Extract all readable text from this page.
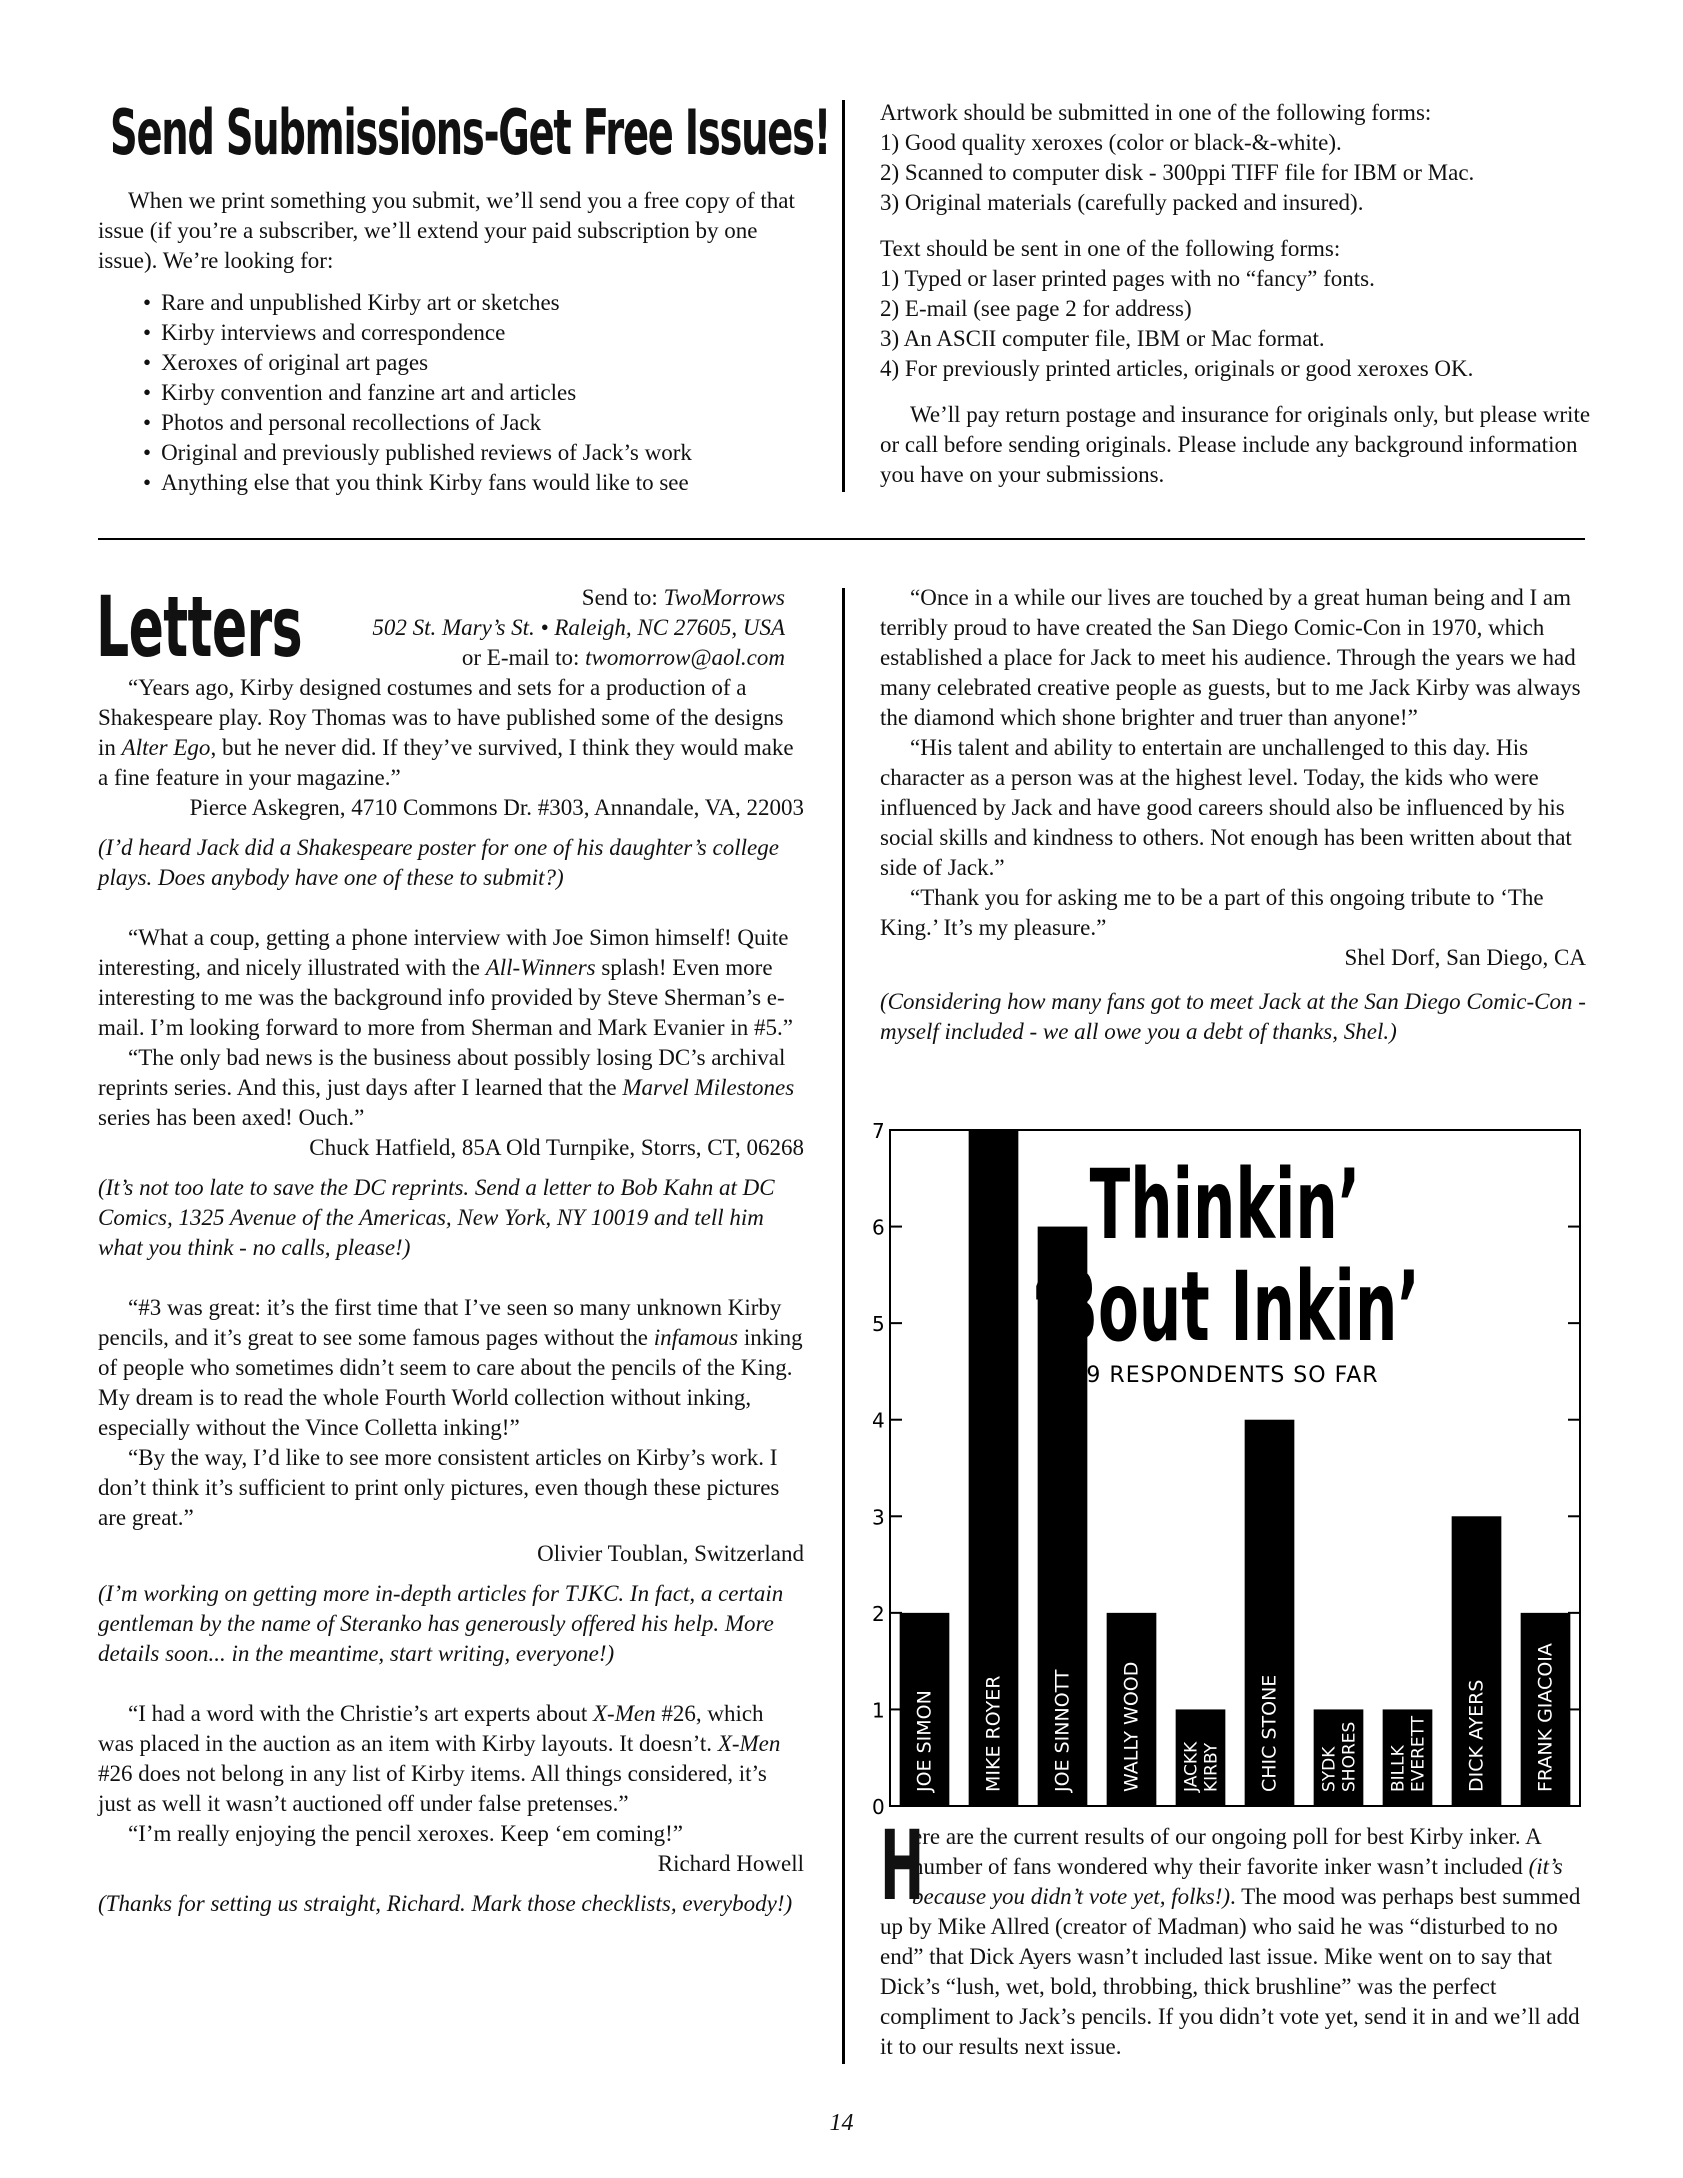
Send Submissions-Get Free Issues!

When we print something you submit, we’ll send you a free copy of that issue (if you’re a subscriber, we’ll extend your paid subscription by one issue). We’re looking for:

• Rare and unpublished Kirby art or sketches
• Kirby interviews and correspondence
• Xeroxes of original art pages
• Kirby convention and fanzine art and articles
• Photos and personal recollections of Jack
• Original and previously published reviews of Jack’s work
• Anything else that you think Kirby fans would like to see

Artwork should be submitted in one of the following forms:

1) Good quality xeroxes (color or black-&-white).
2) Scanned to computer disk - 300ppi TIFF file for IBM or Mac.
3) Original materials (carefully packed and insured).

Text should be sent in one of the following forms:

1) Typed or laser printed pages with no “fancy” fonts.
2) E-mail (see page 2 for address)
3) An ASCII computer file, IBM or Mac format.
4) For previously printed articles, originals or good xeroxes OK.

We’ll pay return postage and insurance for originals only, but please write or call before sending originals. Please include any background information you have on your submissions.

Letters	Send to: TwoMorrows
502 St. Mary’s St. • Raleigh, NC 27605, USA
or E-mail to: twomorrow@aol.com

“Years ago, Kirby designed costumes and sets for a production of a Shakespeare play. Roy Thomas was to have published some of the designs in Alter Ego, but he never did. If they’ve survived, I think they would make a fine feature in your magazine.”

Pierce Askegren, 4710 Commons Dr. #303, Annandale, VA, 22003

(I’d heard Jack did a Shakespeare poster for one of his daughter’s college plays. Does anybody have one of these to submit?)

“What a coup, getting a phone interview with Joe Simon himself! Quite interesting, and nicely illustrated with the All-Winners splash! Even more interesting to me was the background info provided by Steve Sherman’s e-mail. I’m looking forward to more from Sherman and Mark Evanier in #5.”

“The only bad news is the business about possibly losing DC’s archival reprints series. And this, just days after I learned that the Marvel Milestones series has been axed! Ouch.”

Chuck Hatfield, 85A Old Turnpike, Storrs, CT, 06268

(It’s not too late to save the DC reprints. Send a letter to Bob Kahn at DC Comics, 1325 Avenue of the Americas, New York, NY 10019 and tell him what you think - no calls, please!)

“#3 was great: it’s the first time that I’ve seen so many unknown Kirby pencils, and it’s great to see some famous pages without the infamous inking of people who sometimes didn’t seem to care about the pencils of the King. My dream is to read the whole Fourth World collection without inking, especially without the Vince Colletta inking!”

“By the way, I’d like to see more consistent articles on Kirby’s work. I don’t think it’s sufficient to print only pictures, even though these pictures are great.”

Olivier Toublan, Switzerland

(I’m working on getting more in-depth articles for TJKC. In fact, a certain gentleman by the name of Steranko has generously offered his help. More details soon... in the meantime, start writing, everyone!)

“I had a word with the Christie’s art experts about X-Men #26, which was placed in the auction as an item with Kirby layouts. It doesn’t. X-Men #26 does not belong in any list of Kirby items. All things considered, it’s just as well it wasn’t auctioned off under false pretenses.”

“I’m really enjoying the pencil xeroxes. Keep ‘em coming!”

Richard Howell

(Thanks for setting us straight, Richard. Mark those checklists, everybody!)

“Once in a while our lives are touched by a great human being and I am terribly proud to have created the San Diego Comic-Con in 1970, which established a place for Jack to meet his audience. Through the years we had many celebrated creative people as guests, but to me Jack Kirby was always the diamond which shone brighter and truer than anyone!”

“His talent and ability to entertain are unchallenged to this day. His character as a person was at the highest level. Today, the kids who were influenced by Jack and have good careers should also be influenced by his social skills and kindness to others. Not enough has been written about that side of Jack.”

“Thank you for asking me to be a part of this ongoing tribute to ‘The King.’ It’s my pleasure.”

Shel Dorf, San Diego, CA

(Considering how many fans got to meet Jack at the San Diego Comic-Con - myself included - we all owe you a debt of thanks, Shel.)

0
1
2
3
4
5
6
7
JOE SIMON MIKE ROYER JOE SINNOTT WALLY WOOD JACKK KIRBY CHIC STONE SYDK SHORES BILLK EVERETT DICK AYERS FRANK GIACOIA
Thinkin’
‘Bout Inkin’
29 RESPONDENTS SO FAR
H
ere are the current results of our ongoing poll for best Kirby inker. A number of fans wondered why their favorite inker wasn’t included (it’s because you didn’t vote yet, folks!). The mood was perhaps best summed up by Mike Allred (creator of Madman) who said he was “disturbed to no end” that Dick Ayers wasn’t included last issue. Mike went on to say that Dick’s “lush, wet, bold, throbbing, thick brushline” was the perfect compliment to Jack’s pencils. If you didn’t vote yet, send it in and we’ll add it to our results next issue.
14
